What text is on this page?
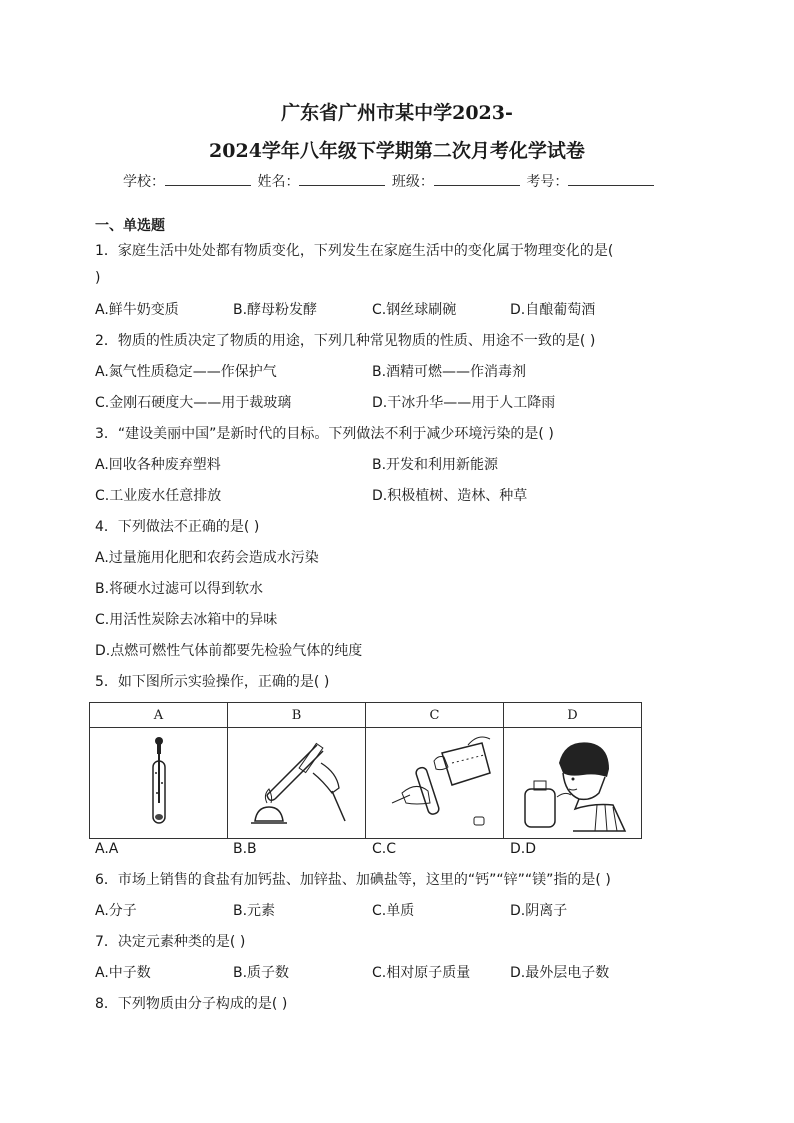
广东省广州市某中学2023-
2024学年八年级下学期第二次月考化学试卷
学校：	姓名：	班级：	考号：
一、单选题
1．家庭生活中处处都有物质变化，下列发生在家庭生活中的变化属于物理变化的是(
)
A.鲜牛奶变质	B.酵母粉发酵	C.钢丝球刷碗	D.自酿葡萄酒
2．物质的性质决定了物质的用途，下列几种常见物质的性质、用途不一致的是( )
A.氮气性质稳定——作保护气	B.酒精可燃——作消毒剂
C.金刚石硬度大——用于裁玻璃	D.干冰升华——用于人工降雨
3．“建设美丽中国”是新时代的目标。下列做法不利于减少环境污染的是( )
A.回收各种废弃塑料	B.开发和利用新能源
C.工业废水任意排放	D.积极植树、造林、种草
4．下列做法不正确的是( )
A.过量施用化肥和农药会造成水污染
B.将硬水过滤可以得到软水
C.用活性炭除去冰箱中的异味
D.点燃可燃性气体前都要先检验气体的纯度
5．如下图所示实验操作，正确的是( )
A	B	C	D

A.A	B.B	C.C	D.D
6．市场上销售的食盐有加钙盐、加锌盐、加碘盐等，这里的“钙”“锌”“镁”指的是( )
A.分子	B.元素	C.单质	D.阴离子
7．决定元素种类的是( )
A.中子数	B.质子数	C.相对原子质量	D.最外层电子数
8．下列物质由分子构成的是( )
